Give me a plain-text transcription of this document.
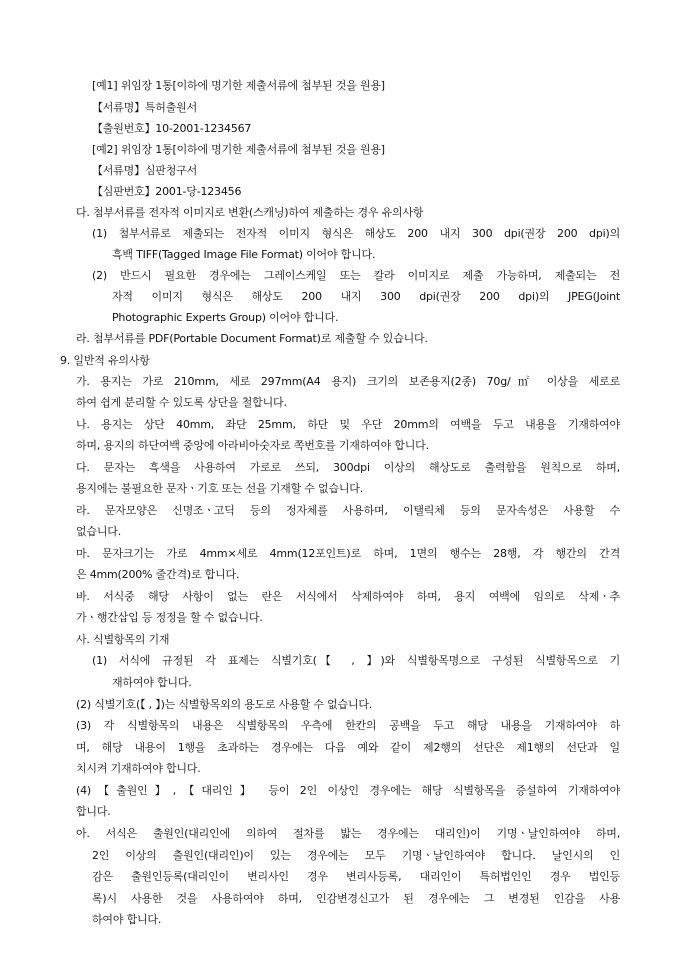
[예1] 위임장 1통[이하에 명기한 제출서류에 첨부된 것을 원용]
【서류명】특허출원서
【출원번호】10-2001-1234567
[예2] 위임장 1통[이하에 명기한 제출서류에 첨부된 것을 원용]
【서류명】심판청구서
【심판번호】2001-당-123456
다. 첨부서류를 전자적 이미지로 변환(스캐닝)하여 제출하는 경우 유의사항
(1) 첨부서류로 제출되는 전자적 이미지 형식은 해상도 200 내지 300 dpi(권장 200 dpi)의
흑백 TIFF(Tagged Image File Format) 이어야 합니다.
(2) 반드시 필요한 경우에는 그레이스케일 또는 칼라 이미지로 제출 가능하며, 제출되는 전
자적 이미지 형식은 해상도 200 내지 300 dpi(권장 200 dpi)의 JPEG(Joint
Photographic Experts Group) 이어야 합니다.
라. 첨부서류를 PDF(Portable Document Format)로 제출할 수 있습니다.
9. 일반적 유의사항
가. 용지는 가로 210mm, 세로 297mm(A4 용지) 크기의 보존용지(2종) 70g/㎡ 이상을 세로로
하여 쉽게 분리할 수 있도록 상단을 철합니다.
나. 용지는 상단 40mm, 좌단 25mm, 하단 및 우단 20mm의 여백을 두고 내용을 기재하여야
하며, 용지의 하단여백 중앙에 아라비아숫자로 쪽번호를 기재하여야 합니다.
다. 문자는 흑색을 사용하여 가로로 쓰되, 300dpi 이상의 해상도로 출력함을 원칙으로 하며,
용지에는 불필요한 문자ㆍ기호 또는 선을 기재할 수 없습니다.
라. 문자모양은 신명조ㆍ고딕 등의 정자체를 사용하며, 이탤릭체 등의 문자속성은 사용할 수
없습니다.
마. 문자크기는 가로 4mm×세로 4mm(12포인트)로 하며, 1면의 행수는 28행, 각 행간의 간격
은 4mm(200% 줄간격)로 합니다.
바. 서식중 해당 사항이 없는 란은 서식에서 삭제하여야 하며, 용지 여백에 임의로 삭제ㆍ추
가ㆍ행간삽입 등 정정을 할 수 없습니다.
사. 식별항목의 기재
(1) 서식에 규정된 각 표제는 식별기호(【 , 】)와 식별항목명으로 구성된 식별항목으로 기
재하여야 합니다.
(2) 식별기호(【 , 】)는 식별항목외의 용도로 사용할 수 없습니다.
(3) 각 식별항목의 내용은 식별항목의 우측에 한칸의 공백을 두고 해당 내용을 기재하여야 하
며, 해당 내용이 1행을 초과하는 경우에는 다음 예와 같이 제2행의 선단은 제1행의 선단과 일
치시켜 기재하여야 합니다.
(4)【출원인】,【대리인】 등이 2인 이상인 경우에는 해당 식별항목을 증설하여 기재하여야
합니다.
아. 서식은 출원인(대리인에 의하여 절차를 밟는 경우에는 대리인)이 기명ㆍ날인하여야 하며,
2인 이상의 출원인(대리인)이 있는 경우에는 모두 기명ㆍ날인하여야 합니다. 날인시의 인
감은 출원인등록(대리인이 변리사인 경우 변리사등록, 대리인이 특허법인인 경우 법인등
록)시 사용한 것을 사용하여야 하며, 인감변경신고가 된 경우에는 그 변경된 인감을 사용
하여야 합니다.
